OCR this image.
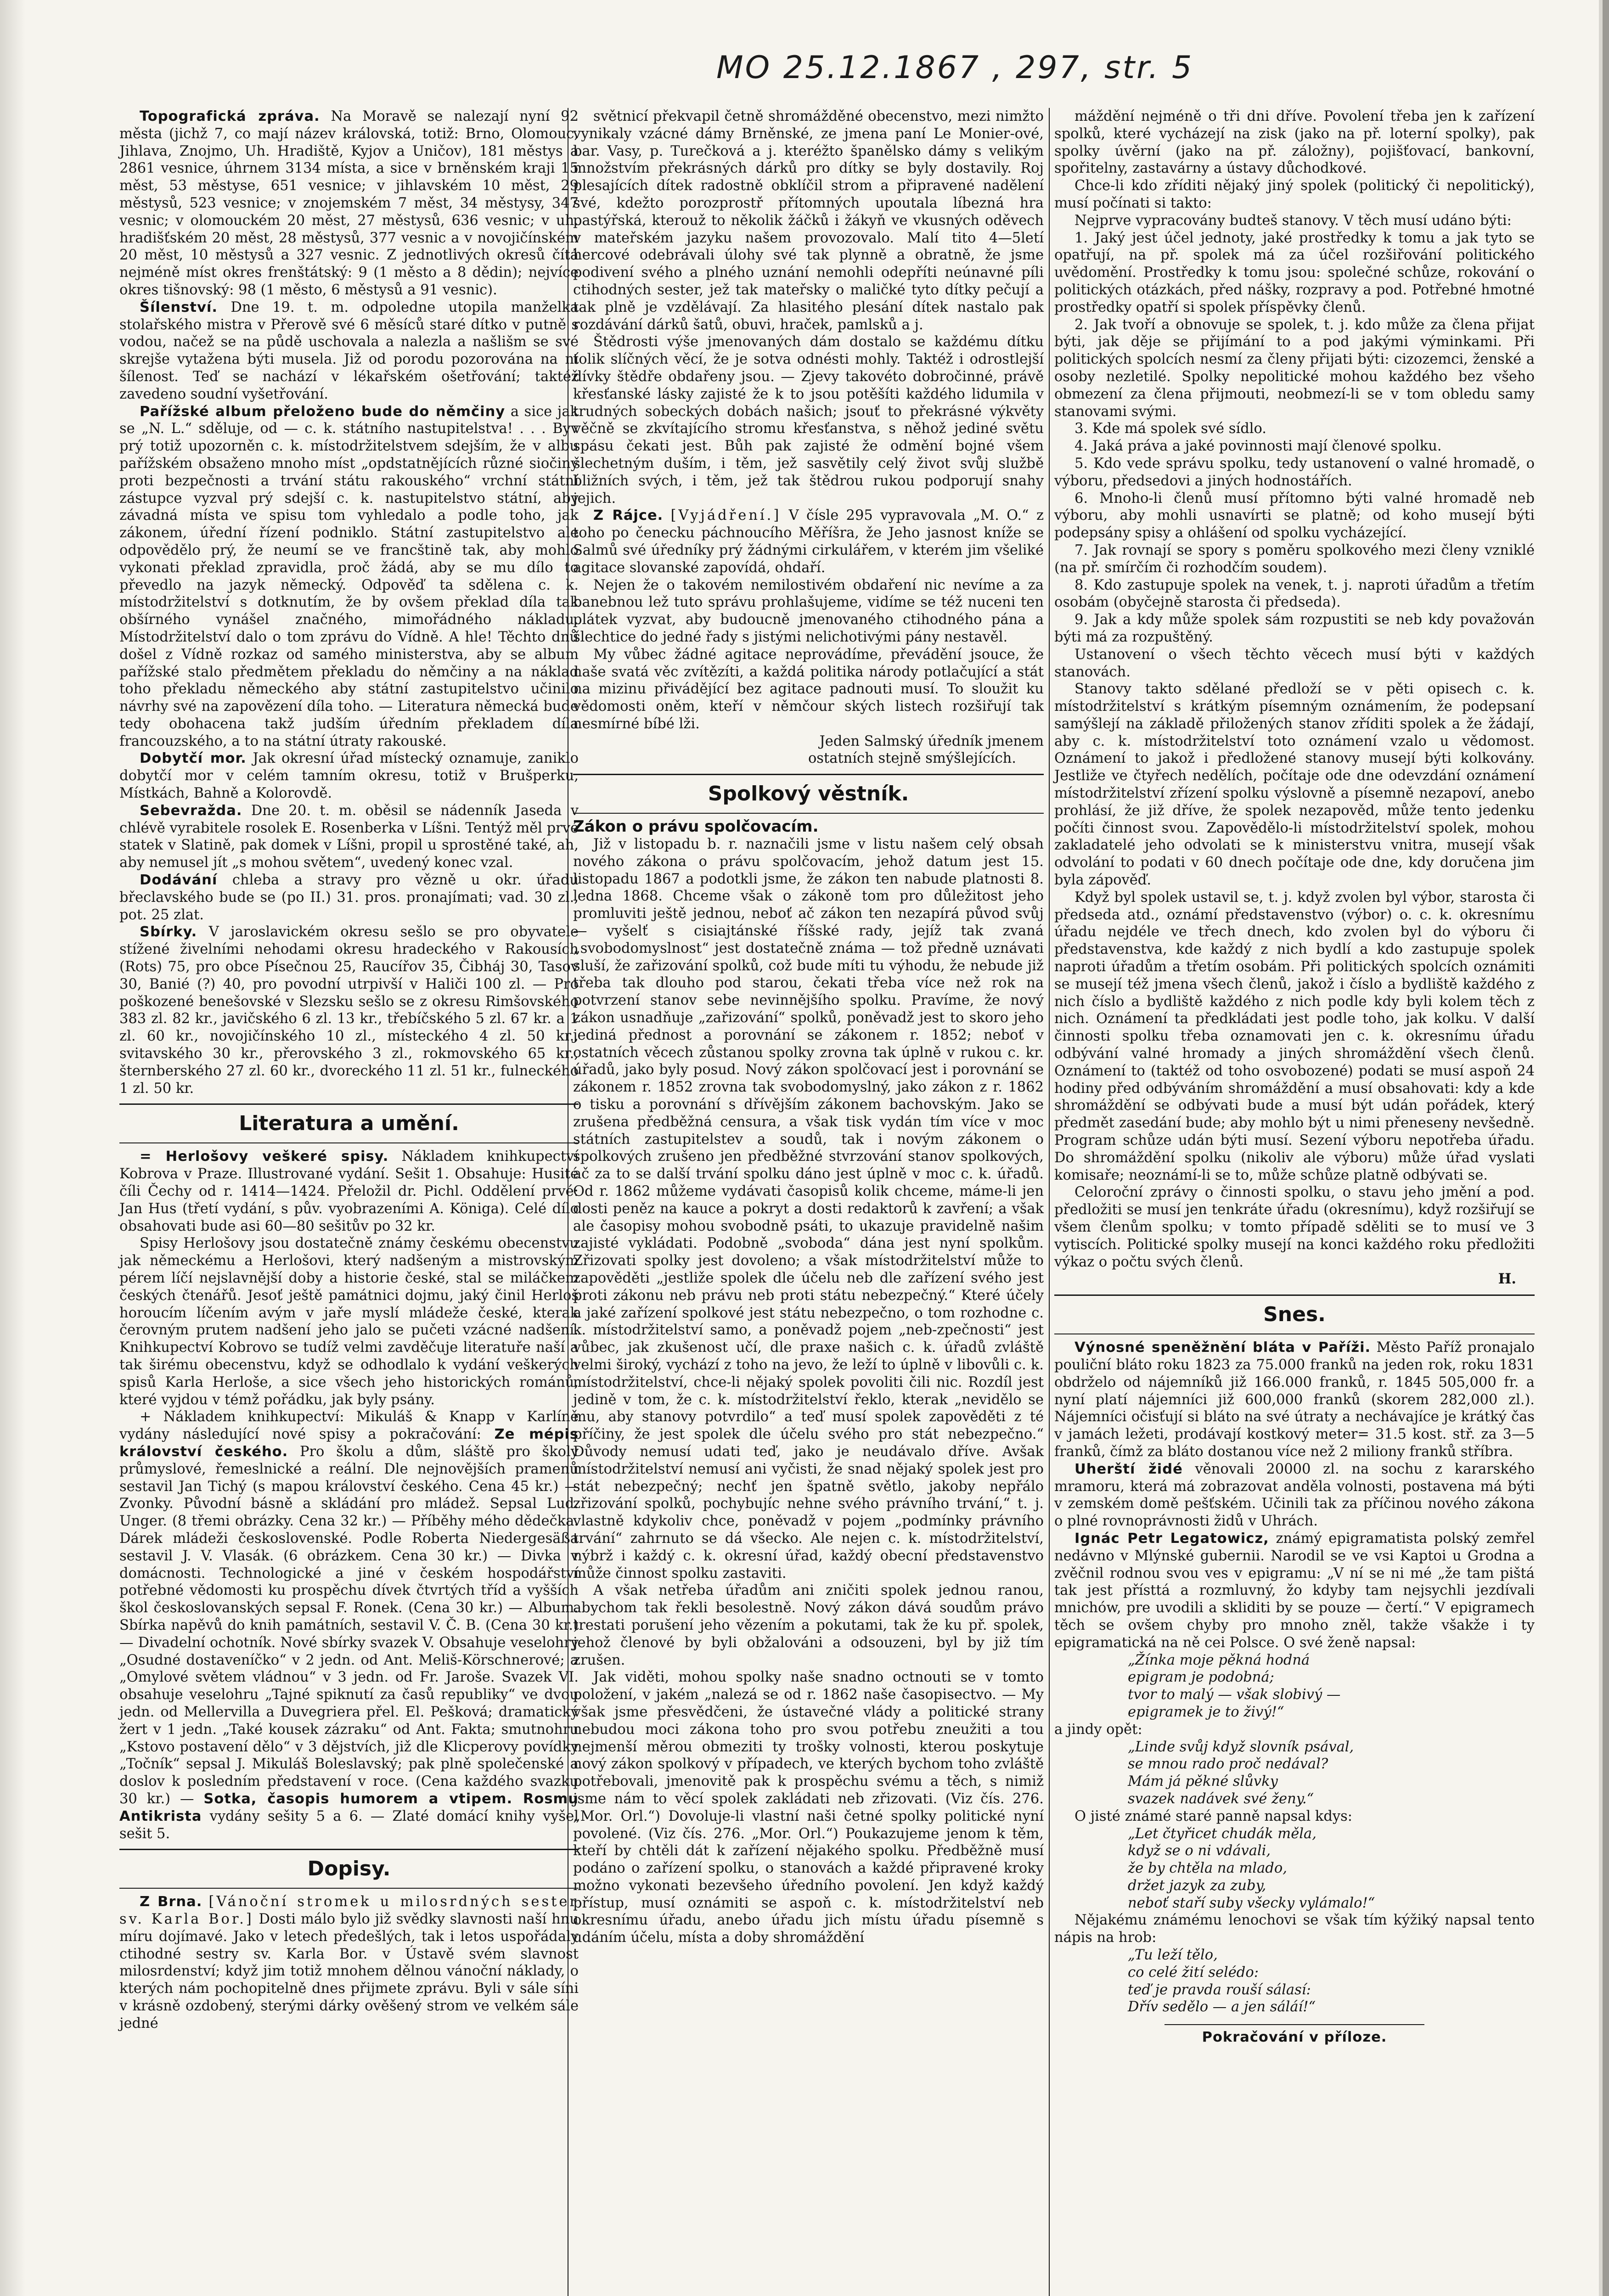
MO 25.12.1867 , 297, str. 5

Topografická zpráva. Na Moravě se nalezají nyní 92 města (jichž 7, co mají název královská, totiž: Brno, Olomouc, Jihlava, Znojmo, Uh. Hradiště, Kyjov a Uničov), 181 městys a 2861 vesnice, úhrnem 3134 místa, a sice v brněnském kraji 15 měst, 53 městyse, 651 vesnice; v jihlavském 10 měst, 29 městysů, 523 vesnice; v znojemském 7 měst, 34 městysy, 347 vesnic; v olomouckém 20 měst, 27 městysů, 636 vesnic; v uh. hradišťském 20 měst, 28 městysů, 377 vesnic a v novojičínském 20 měst, 10 městysů a 327 vesnic. Z jednotlivých okresů čítá nejméně míst okres frenštátský: 9 (1 město a 8 dědin); nejvíce okres tišnovský: 98 (1 město, 6 městysů a 91 vesnic).

Šílenství. Dne 19. t. m. odpoledne utopila manželka stolařského mistra v Přerově své 6 měsíců staré dítko v putně s vodou, načež se na půdě uschovala a nalezla a našlišm se své skrejše vytažena býti musela. Již od porodu pozorována na ní šílenost. Teď se nachází v lékařském ošetřování; taktéž zavedeno soudní vyšetřování.

Pařížské album přeloženo bude do němčiny a sice jak se „N. L.“ sděluje, od — c. k. státního nastupitelstva! . . . Byv prý totiž upozorněn c. k. místodržitelstvem sdejším, že v albu pařížském obsaženo mnoho míst „opdstatnějících různé siočiny proti bezpečnosti a trvání státu rakouského“ vrchní státní zástupce vyzval prý sdejší c. k. nastupitelstvo státní, aby závadná místa ve spisu tom vyhledalo a podle toho, jak zákonem, úřední řízení podniklo. Státní zastupitelstvo ale odpovědělo prý, že neumí se ve francštině tak, aby mohlo vykonati překlad zpravidla, proč žádá, aby se mu dílo to převedlo na jazyk německý. Odpověď ta sdělena c. k. místodržitelství s dotknutím, že by ovšem překlad díla tak obšírného vynášel značného, mimořádného nákladu. Místodržitelství dalo o tom zprávu do Vídně. A hle! Těchto dnů došel z Vídně rozkaz od samého ministerstva, aby se album pařížské stalo předmětem překladu do němčiny a na náklad toho překladu německého aby státní zastupitelstvo učinilo návrhy své na zapovězení díla toho. — Literatura německá bude tedy obohacena takž judším úředním překladem díla francouzského, a to na státní útraty rakouské.

Dobytčí mor. Jak okresní úřad místecký oznamuje, zaniklo dobytčí mor v celém tamním okresu, totiž v Brušperku, Místkách, Bahně a Kolorovdě.

Sebevražda. Dne 20. t. m. oběsil se nádenník Jaseda v chlévě vyrabitele rosolek E. Rosenberka v Líšni. Tentýž měl prvé statek v Slatině, pak domek v Líšni, propil u sprostěné také, ah, aby nemusel jít „s mohou světem“, uvedený konec vzal.

Dodávání chleba a stravy pro vězně u okr. úřadu břeclavského bude se (po II.) 31. pros. pronajímati; vad. 30 zl., pot. 25 zlat.

Sbírky. V jaroslavickém okresu sešlo se pro obyvatele stížené živelními nehodami okresu hradeckého v Rakousích (Rots) 75, pro obce Písečnou 25, Raucířov 35, Čibháj 30, Tasov 30, Banié (?) 40, pro povodní utrpivší v Haliči 100 zl. — Pro poškozené benešovské v Slezsku sešlo se z okresu Rimšovského 383 zl. 82 kr., javičského 6 zl. 13 kr., třebíčského 5 zl. 67 kr. a 1 zl. 60 kr., novojičínského 10 zl., místeckého 4 zl. 50 kr., svitavského 30 kr., přerovského 3 zl., rokmovského 65 kr., šternberského 27 zl. 60 kr., dvoreckého 11 zl. 51 kr., fulneckého 1 zl. 50 kr.

Literatura a umění.

= Herlošovy veškeré spisy. Nákladem knihkupectví Kobrova v Praze. Illustrované vydání. Sešit 1. Obsahuje: Husité číli Čechy od r. 1414—1424. Přeložil dr. Pichl. Oddělení prvé: Jan Hus (třetí vydání, s pův. vyobrazeními A. Königa). Celé dílo obsahovati bude asi 60—80 sešitův po 32 kr.

Spisy Herlošovy jsou dostatečně známy českému obecenstvu jak německému a Herlošovi, který nadšeným a mistrovským pérem líčí nejslavnější doby a historie české, stal se miláčkem českých čtenářů. Jesoť ještě památnici dojmu, jaký činil Herloš horoucím líčením avým v jaře myslí mládeže české, kterak čerovným prutem nadšení jeho jalo se pučeti vzácné nadšení. Knihkupectví Kobrovo se tudíž velmi zavděčuje literatuře naší a tak širému obecenstvu, když se odhodlalo k vydání veškerých spisů Karla Herloše, a sice všech jeho historických románů, které vyjdou v témž pořádku, jak byly psány.

+ Nákladem knihkupectví: Mikuláš & Knapp v Karlíně vydány následující nové spisy a pokračování: Ze mépis království českého. Pro školu a dům, sláště pro školy průmyslové, řemeslnické a reální. Dle nejnovějších pramenů sestavil Jan Tichý (s mapou království českého. Cena 45 kr.) — Zvonky. Původní básně a skládání pro mládež. Sepsal Lud. Unger. (8 třemi obrázky. Cena 32 kr.) — Příběhy mého dědečka. Dárek mládeži československé. Podle Roberta Niedergesäßa sestavil J. V. Vlasák. (6 obrázkem. Cena 30 kr.) — Divka v domácnosti. Technologické a jiné v českém hospodářství potřebné vědomosti ku prospěchu dívek čtvrtých tříd a vyšších škol českoslovanských sepsal F. Ronek. (Cena 30 kr.) — Album. Sbírka napěvů do knih památních, sestavil V. Č. B. (Cena 30 kr.) — Divadelní ochotník. Nové sbírky svazek V. Obsahuje veselohry „Osudné dostaveníčko“ v 2 jedn. od Ant. Meliš-Körschnerové; a „Omylové světem vládnou“ v 3 jedn. od Fr. Jaroše. Svazek VI. obsahuje veselohru „Tajné spiknutí za časů republiky“ ve dvou jedn. od Mellervilla a Duvegriera přel. El. Pešková; dramatický žert v 1 jedn. „Také kousek zázraku“ od Ant. Fakta; smutnohru „Kstovo postavení dělo“ v 3 dějstvích, již dle Klicperovy povídky „Točník“ sepsal J. Mikuláš Boleslavský; pak plně společenské a doslov k posledním představení v roce. (Cena každého svazku 30 kr.) — Sotka, časopis humorem a vtipem. Rosmu Antikrista vydány sešity 5 a 6. — Zlaté domácí knihy vyšel sešit 5.

Dopisy.

Z Brna. [Vánoční stromek u milosrdných sester sv. Karla Bor.] Dosti málo bylo již svědky slavnosti naší hnu míru dojímavé. Jako v letech předešlých, tak i letos uspořádaly ctihodné sestry sv. Karla Bor. v Ústavě svém slavnost milosrdenství; když jim totiž mnohem dělnou vánoční náklady, o kterých nám pochopitelně dnes přijmete zprávu. Byli v sále síni v krásně ozdobený, sterými dárky ověšený strom ve velkém sále jedné

světnicí překvapil četně shromážděné obecenstvo, mezi nimžto vynikaly vzácné dámy Brněnské, ze jmena paní Le Monier-ové, bar. Vasy, p. Turečková a j. kteréžto španělsko dámy s velikým množstvím překrásných dárků pro dítky se byly dostavily. Roj plesajících dítek radostně obklíčil strom a připravené nadělení své, kdežto porozprostř přítomných upoutala líbezná hra pastýřská, kterouž to několik žáčků i žákyň ve vkusných oděvech v mateřském jazyku našem provozovalo. Malí tito 4—5letí hercové odebrávali úlohy své tak plynně a obratně, že jsme podivení svého a plného uznání nemohli odepříti neúnavné píli ctihodných sester, jež tak mateřsky o maličké tyto dítky pečují a tak plně je vzdělávají. Za hlasitého plesání dítek nastalo pak rozdávání dárků šatů, obuvi, hraček, pamlsků a j.

Štědrosti výše jmenovaných dám dostalo se každému dítku tolik slíčných věcí, že je sotva odnésti mohly. Taktéž i odrostlejší dívky štědře obdařeny jsou. — Zjevy takovéto dobročinné, právě křesťanské lásky zajisté že k to jsou potěšíti každého lidumila v trudných sobeckých dobách našich; jsouť to překrásné výkvěty věčně se zkvítajícího stromu křesťanstva, s něhož jediné světu spásu čekati jest. Bůh pak zajisté že odmění bojné všem šlechetným duším, i těm, jež sasvětily celý život svůj službě bližních svých, i těm, jež tak štědrou rukou podporují snahy jejich.

Z Rájce. [Vyjádření.] V čísle 295 vypravovala „M. O.“ z toho po čenecku páchnoucího Měříšra, že Jeho jasnost kníže se Salmů své úředníky prý žádnými cirkulářem, v kterém jim všeliké agitace slovanské zapovídá, ohdaří.

Nejen že o takovém nemilostivém obdaření nic nevíme a za banebnou lež tuto správu prohlašujeme, vidíme se též nuceni ten plátek vyzvat, aby budoucně jmenovaného ctihodného pána a šlechtice do jedné řady s jistými nelichotivými pány nestavěl.

My vůbec žádné agitace neprovádíme, převádění jsouce, že naše svatá věc zvítězíti, a každá politika národy potlačující a stát na mizinu přivádějící bez agitace padnouti musí. To sloužit ku vědomosti oněm, kteří v němčour ských listech rozšiřují tak nesmírné bíbé lži.

Jeden Salmský úředník jmenem

ostatních stejně smýšlejících.

Spolkový věstník.

Zákon o právu spolčovacím.

Již v listopadu b. r. naznačili jsme v listu našem celý obsah nového zákona o právu spolčovacím, jehož datum jest 15. listopadu 1867 a podotkli jsme, že zákon ten nabude platnosti 8. ledna 1868. Chceme však o zákoně tom pro důležitost jeho promluviti ještě jednou, neboť ač zákon ten nezapírá původ svůj — vyšelť s cisiajtánské říšské rady, jejíž tak zvaná „svobodomyslnost“ jest dostatečně známa — tož předně uznávati sluší, že zařizování spolků, což bude míti tu výhodu, že nebude již třeba tak dlouho pod starou, čekati třeba více než rok na potvrzení stanov sebe nevinnějšího spolku. Pravíme, že nový zákon usnadňuje „zařizování“ spolků, poněvadž jest to skoro jeho jediná přednost a porovnání se zákonem r. 1852; neboť v ostatních věcech zůstanou spolky zrovna tak úplně v rukou c. kr. úřadů, jako byly posud. Nový zákon spolčovací jest i porovnání se zákonem r. 1852 zrovna tak svobodomyslný, jako zákon z r. 1862 o tisku a porovnání s dřívějším zákonem bachovským. Jako se zrušena předběžná censura, a však tisk vydán tím více v moc státních zastupitelstev a soudů, tak i novým zákonem o spolkových zrušeno jen předběžné stvrzování stanov spolkových, ač za to se další trvání spolku dáno jest úplně v moc c. k. úřadů. Od r. 1862 můžeme vydávati časopisů kolik chceme, máme-li jen dosti peněz na kauce a pokryt a dosti redaktorů k zavření; a však ale časopisy mohou svobodně psáti, to ukazuje pravidelně našim zajisté vykládati. Podobně „svoboda“ dána jest nyní spolkům. Zřizovati spolky jest dovoleno; a však místodržitelství může to zapověděti „jestliže spolek dle účelu neb dle zařízení svého jest proti zákonu neb právu neb proti státu nebezpečný.“ Které účely a jaké zařízení spolkové jest státu nebezpečno, o tom rozhodne c. k. místodržitelství samo, a poněvadž pojem „neb-zpečnosti“ jest vůbec, jak zkušenost učí, dle praxe našich c. k. úřadů zvláště velmi široký, vychází z toho na jevo, že leží to úplně v libovůli c. k. místodržitelství, chce-li nějaký spolek povoliti čili nic. Rozdíl jest jedině v tom, že c. k. místodržitelství řeklo, kterak „nevidělo se mu, aby stanovy potvrdilo“ a teď musí spolek zapověděti z té příčiny, že jest spolek dle účelu svého pro stát nebezpečno.“ Důvody nemusí udati teď, jako je neudávalo dříve. Avšak místodržitelství nemusí ani vyčisti, že snad nějaký spolek jest pro stát nebezpečný; nechť jen špatně světlo, jakoby nepřálo zřizování spolků, pochybujíc nehne svého právního trvání,“ t. j. vlastně kdykoliv chce, poněvadž v pojem „podmínky právního trvání“ zahrnuto se dá všecko. Ale nejen c. k. místodržitelství, nýbrž i každý c. k. okresní úřad, každý obecní představenstvo může činnost spolku zastaviti.

A však netřeba úřadům ani zničiti spolek jednou ranou, abychom tak řekli besolestně. Nový zákon dává soudům právo trestati porušení jeho vězením a pokutami, tak že ku př. spolek, jehož členové by byli obžalováni a odsouzeni, byl by již tím zrušen.

Jak viděti, mohou spolky naše snadno octnouti se v tomto položení, v jakém „nalezá se od r. 1862 naše časopisectvo. — My však jsme přesvědčeni, že ústavečné vlády a politické strany nebudou moci zákona toho pro svou potřebu zneužiti a tou nejmenší měrou obmeziti ty trošky volnosti, kterou poskytuje nový zákon spolkový v případech, ve kterých bychom toho zvláště potřebovali, jmenovitě pak k prospěchu svému a těch, s nimiž jsme nám to věcí spolek zakládati neb zřizovati. (Viz čís. 276. „Mor. Orl.“) Dovoluje-li vlastní naši četné spolky politické nyní povolené. (Viz čís. 276. „Mor. Orl.“) Poukazujeme jenom k těm, kteří by chtěli dát k zařízení nějakého spolku. Předběžně musí podáno o zařízení spolku, o stanovách a každé připravené kroky možno vykonati bezevšeho úředního povolení. Jen když každý přístup, musí oznámiti se aspoň c. k. místodržitelství neb okresnímu úřadu, anebo úřadu jich místu úřadu písemně s udáním účelu, místa a doby shromáždění

máždění nejméně o tři dni dříve. Povolení třeba jen k zařízení spolků, které vycházejí na zisk (jako na př. loterní spolky), pak spolky úvěrní (jako na př. záložny), pojišťovací, bankovní, spořitelny, zastavárny a ústavy důchodkové.

Chce-li kdo zříditi nějaký jiný spolek (politický či nepolitický), musí počínati si takto:

Nejprve vypracovány budteš stanovy. V těch musí udáno býti:

1. Jaký jest účel jednoty, jaké prostředky k tomu a jak tyto se opatřují, na př. spolek má za účel rozšiřování politického uvědomění. Prostředky k tomu jsou: společné schůze, rokování o politických otázkách, před nášky, rozpravy a pod. Potřebné hmotné prostředky opatří si spolek příspěvky členů.

2. Jak tvoří a obnovuje se spolek, t. j. kdo může za člena přijat býti, jak děje se přijímání to a pod jakými výminkami. Při politických spolcích nesmí za členy přijati býti: cizozemci, ženské a osoby nezletilé. Spolky nepolitické mohou každého bez všeho obmezení za člena přijmouti, neobmezí-li se v tom obledu samy stanovami svými.

3. Kde má spolek své sídlo.

4. Jaká práva a jaké povinnosti mají členové spolku.

5. Kdo vede správu spolku, tedy ustanovení o valné hromadě, o výboru, předsedovi a jiných hodnostářích.

6. Mnoho-li členů musí přítomno býti valné hromadě neb výboru, aby mohli usnavírti se platně; od koho musejí býti podepsány spisy a ohlášení od spolku vycházející.

7. Jak rovnají se spory s poměru spolkového mezi členy vzniklé (na př. smírčím či rozhodčím soudem).

8. Kdo zastupuje spolek na venek, t. j. naproti úřadům a třetím osobám (obyčejně starosta či předseda).

9. Jak a kdy může spolek sám rozpustiti se neb kdy považován býti má za rozpuštěný.

Ustanovení o všech těchto věcech musí býti v každých stanovách.

Stanovy takto sdělané předloží se v pěti opisech c. k. místodržitelství s krátkým písemným oznámením, že podepsaní samýšlejí na základě přiložených stanov zříditi spolek a že žádají, aby c. k. místodržitelství toto oznámení vzalo u vědomost. Oznámení to jakož i předložené stanovy musejí býti kolkovány. Jestliže ve čtyřech nedělích, počítaje ode dne odevzdání oznámení místodržitelství zřízení spolku výslovně a písemně nezapoví, anebo prohlásí, že již dříve, že spolek nezapověd, může tento jedenku počíti činnost svou. Zapovědělo-li místodržitelství spolek, mohou zakladatelé jeho odvolati se k ministerstvu vnitra, musejí však odvolání to podati v 60 dnech počítaje ode dne, kdy doručena jim byla zápověď.

Když byl spolek ustavil se, t. j. když zvolen byl výbor, starosta či předseda atd., oznámí představenstvo (výbor) o. c. k. okresnímu úřadu nejdéle ve třech dnech, kdo zvolen byl do výboru či představenstva, kde každý z nich bydlí a kdo zastupuje spolek naproti úřadům a třetím osobám. Při politických spolcích oznámiti se musejí též jmena všech členů, jakož i číslo a bydliště každého z nich číslo a bydliště každého z nich podle kdy byli kolem těch z nich. Oznámení ta předkládati jest podle toho, jak kolku. V další činnosti spolku třeba oznamovati jen c. k. okresnímu úřadu odbývání valné hromady a jiných shromáždění všech členů. Oznámení to (taktéž od toho osvobozené) podati se musí aspoň 24 hodiny před odbýváním shromáždění a musí obsahovati: kdy a kde shromáždění se odbývati bude a musí být udán pořádek, který předmět zasedání bude; aby mohlo být u nimi přeneseny nevšedně. Program schůze udán býti musí. Sezení výboru nepotřeba úřadu. Do shromáždění spolku (nikoliv ale výboru) může úřad vyslati komisaře; neoznámí-li se to, může schůze platně odbývati se.

Celoroční zprávy o činnosti spolku, o stavu jeho jmění a pod. předložiti se musí jen tenkráte úřadu (okresnímu), když rozšiřují se všem členům spolku; v tomto případě sděliti se to musí ve 3 vytiscích. Politické spolky musejí na konci každého roku předložiti výkaz o počtu svých členů.

H.

Snes.

Výnosné speněžnění bláta v Paříži. Město Paříž pronajalo pouliční bláto roku 1823 za 75.000 franků na jeden rok, roku 1831 obdrželo od nájemníků již 166.000 franků, r. 1845 505,000 fr. a nyní platí nájemníci již 600,000 franků (skorem 282,000 zl.). Nájemníci očisťují si bláto na své útraty a nechávajíce je krátký čas v jamách ležeti, prodávají kostkový meter= 31.5 kost. stř. za 3—5 franků, čímž za bláto dostanou více než 2 miliony franků stříbra.

Uherští židé věnovali 20000 zl. na sochu z kararského mramoru, která má zobrazovat anděla volnosti, postavena má býti v zemském domě pešťském. Učinili tak za příčinou nového zákona o plné rovnoprávnosti židů v Uhrách.

Ignác Petr Legatowicz, známý epigramatista polský zemřel nedávno v Mlýnské gubernii. Narodil se ve vsi Kaptoi u Grodna a zvěčnil rodnou svou ves v epigramu: „V ní se ni mé „že tam pištá tak jest přísttá a rozmluvný, žo kdyby tam nejsychli jezdívali mnichów, pre uvodili a skliditi by se pouze — čertí.“ V epigramech těch se ovšem chyby pro mnoho zněl, takže všakže i ty epigramatická na ně cei Polsce. O své ženě napsal:

„Žínka moje pěkná hodná

epigram je podobná;

tvor to malý — však slobivý —

epigramek je to živý!“

a jindy opět:

„Linde svůj když slovník psával,

se mnou rado proč nedával?

Mám já pěkné slůvky

svazek nadávek své ženy.“

O jisté známé staré panně napsal kdys:

„Let čtyřicet chudák měla,

když se o ni vdávali,

že by chtěla na mlado,

držet jazyk za zuby,

neboť staří suby všecky vylámalo!“

Nějakému známému lenochovi se však tím kýžiký napsal tento nápis na hrob:

„Tu leží tělo,

co celé žití selédo:

teď je pravda rouší sálasí:

Dřív sedělo — a jen sáláí!“

Pokračování v příloze.
